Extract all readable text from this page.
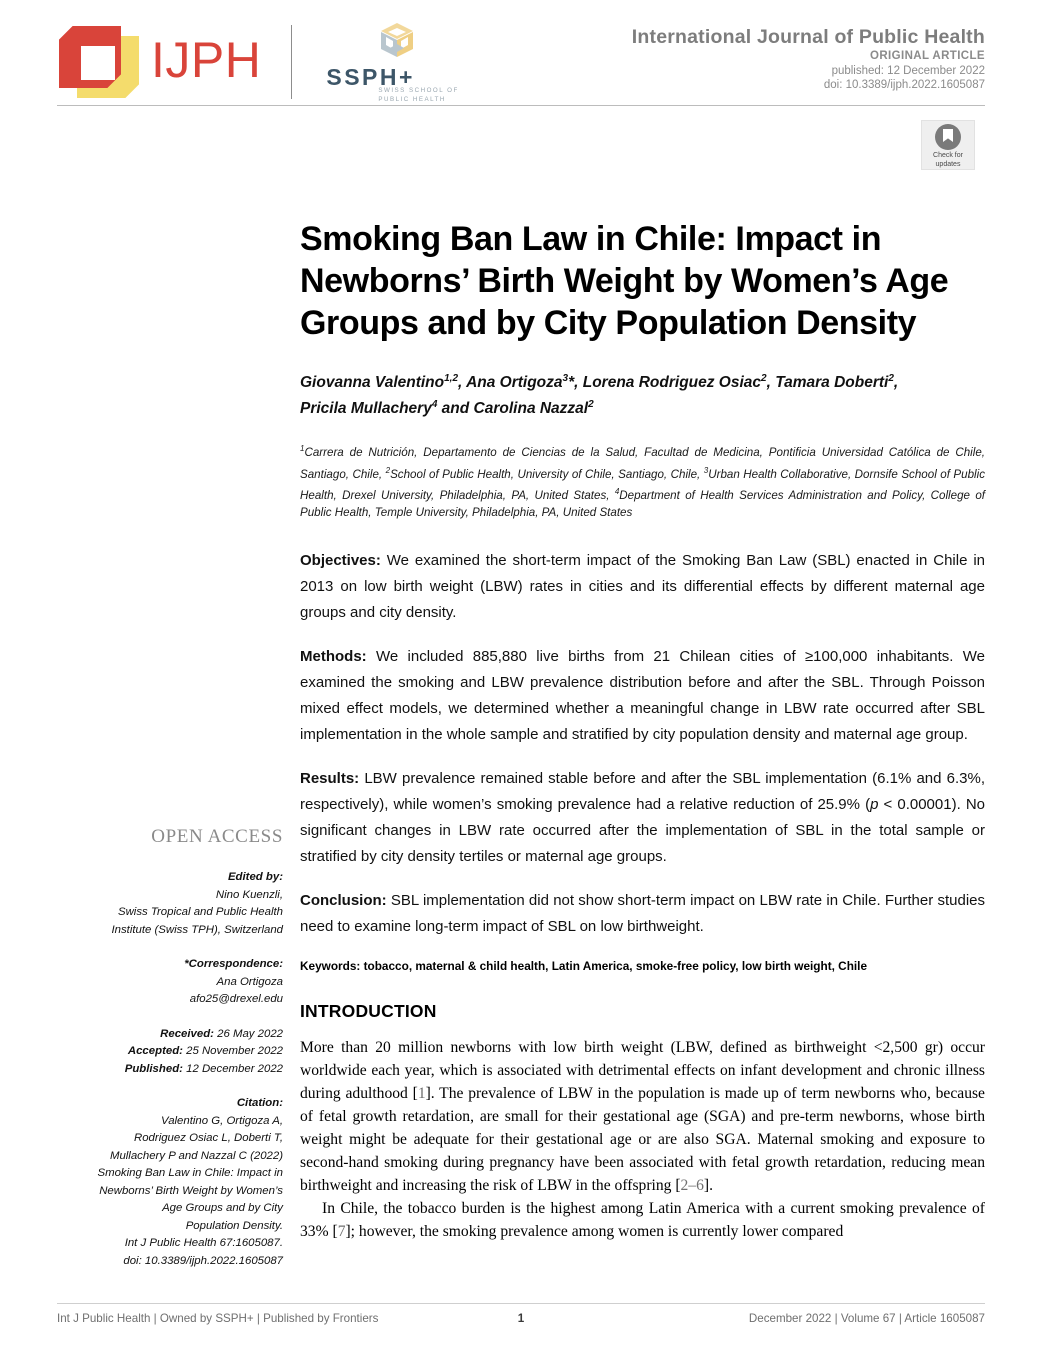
IJPH	SSPH+
SWISS SCHOOL OF
PUBLIC HEALTH
International Journal of Public Health
ORIGINAL ARTICLE
published: 12 December 2022
doi: 10.3389/ijph.2022.1605087
Check for
updates
OPEN ACCESS
Edited by:
Nino Kuenzli,
Swiss Tropical and Public Health
Institute (Swiss TPH), Switzerland
*Correspondence:
Ana Ortigoza
afo25@drexel.edu
Received: 26 May 2022
Accepted: 25 November 2022
Published: 12 December 2022
Citation:
Valentino G, Ortigoza A,
Rodriguez Osiac L, Doberti T,
Mullachery P and Nazzal C (2022)
Smoking Ban Law in Chile: Impact in
Newborns’ Birth Weight by Women’s
Age Groups and by City
Population Density.
Int J Public Health 67:1605087.
doi: 10.3389/ijph.2022.1605087
Smoking Ban Law in Chile: Impact in Newborns’ Birth Weight by Women’s Age Groups and by City Population Density
Giovanna Valentino$^{1,2}$, Ana Ortigoza$^3$*, Lorena Rodriguez Osiac$^2$, Tamara Doberti$^2$,
Pricila Mullachery$^4$ and Carolina Nazzal$^2$
$^1$Carrera de Nutrición, Departamento de Ciencias de la Salud, Facultad de Medicina, Pontificia Universidad Católica de Chile, Santiago, Chile, $^2$School of Public Health, University of Chile, Santiago, Chile, $^3$Urban Health Collaborative, Dornsife School of Public Health, Drexel University, Philadelphia, PA, United States, $^4$Department of Health Services Administration and Policy, College of Public Health, Temple University, Philadelphia, PA, United States

Objectives: We examined the short-term impact of the Smoking Ban Law (SBL) enacted in Chile in 2013 on low birth weight (LBW) rates in cities and its differential effects by different maternal age groups and city density.

Methods: We included 885,880 live births from 21 Chilean cities of ≥100,000 inhabitants. We examined the smoking and LBW prevalence distribution before and after the SBL. Through Poisson mixed effect models, we determined whether a meaningful change in LBW rate occurred after SBL implementation in the whole sample and stratified by city population density and maternal age group.

Results: LBW prevalence remained stable before and after the SBL implementation (6.1% and 6.3%, respectively), while women’s smoking prevalence had a relative reduction of 25.9% (p < 0.00001). No significant changes in LBW rate occurred after the implementation of SBL in the total sample or stratified by city density tertiles or maternal age groups.

Conclusion: SBL implementation did not show short-term impact on LBW rate in Chile. Further studies need to examine long-term impact of SBL on low birthweight.

Keywords: tobacco, maternal & child health, Latin America, smoke-free policy, low birth weight, Chile
INTRODUCTION

More than 20 million newborns with low birth weight (LBW, defined as birthweight <2,500 gr) occur worldwide each year, which is associated with detrimental effects on infant development and chronic illness during adulthood [1]. The prevalence of LBW in the population is made up of term newborns who, because of fetal growth retardation, are small for their gestational age (SGA) and pre-term newborns, whose birth weight might be adequate for their gestational age or are also SGA. Maternal smoking and exposure to second-hand smoking during pregnancy have been associated with fetal growth retardation, reducing mean birthweight and increasing the risk of LBW in the offspring [2–6].

In Chile, the tobacco burden is the highest among Latin America with a current smoking prevalence of 33% [7]; however, the smoking prevalence among women is currently lower compared

Int J Public Health | Owned by SSPH+ | Published by Frontiers	1	December 2022 | Volume 67 | Article 1605087
